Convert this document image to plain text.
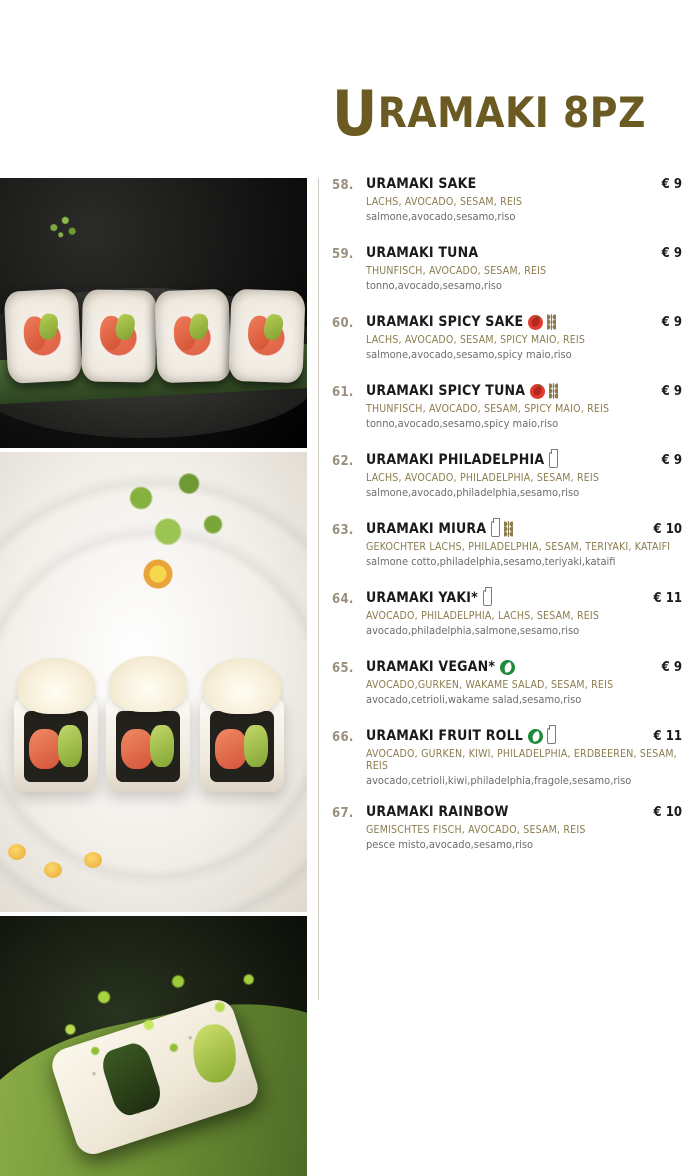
URAMAKI 8PZ
58. URAMAKI SAKE	€ 9
LACHS, AVOCADO, SESAM, REIS
salmone,avocado,sesamo,riso
59. URAMAKI TUNA	€ 9
THUNFISCH, AVOCADO, SESAM, REIS
tonno,avocado,sesamo,riso
60. URAMAKI SPICY SAKE	€ 9
LACHS, AVOCADO, SESAM, SPICY MAIO, REIS
salmone,avocado,sesamo,spicy maio,riso
61. URAMAKI SPICY TUNA	€ 9
THUNFISCH, AVOCADO, SESAM, SPICY MAIO, REIS
tonno,avocado,sesamo,spicy maio,riso
62. URAMAKI PHILADELPHIA	€ 9
LACHS, AVOCADO, PHILADELPHIA, SESAM, REIS
salmone,avocado,philadelphia,sesamo,riso
63. URAMAKI MIURA	€ 10
GEKOCHTER LACHS, PHILADELPHIA, SESAM, TERIYAKI, KATAIFI
salmone cotto,philadelphia,sesamo,teriyaki,kataifi
64. URAMAKI YAKI*	€ 11
AVOCADO, PHILADELPHIA, LACHS, SESAM, REIS
avocado,philadelphia,salmone,sesamo,riso
65. URAMAKI VEGAN*	€ 9
AVOCADO,GURKEN, WAKAME SALAD, SESAM, REIS
avocado,cetrioli,wakame salad,sesamo,riso
66. URAMAKI FRUIT ROLL	€ 11
AVOCADO, GURKEN, KIWI, PHILADELPHIA, ERDBEEREN, SESAM, REIS
avocado,cetrioli,kiwi,philadelphia,fragole,sesamo,riso
67. URAMAKI RAINBOW	€ 10
GEMISCHTES FISCH, AVOCADO, SESAM, REIS
pesce misto,avocado,sesamo,riso
